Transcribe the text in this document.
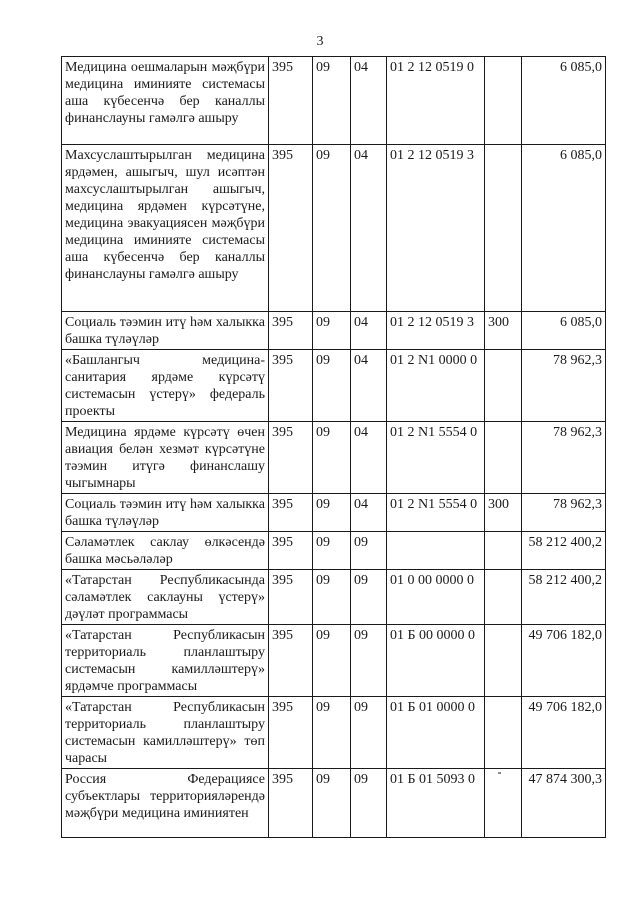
3
Медицина оешмаларын мәҗбүри медицина иминияте системасы аша күбесенчә бер каналлы финанслауны гамәлгә ашыру	395	09	04	01 2 12 0519 0		6 085,0
Махсуслаштырылган медицина ярдәмен, ашыгыч, шул исәптән махсуслаштырылган ашыгыч, медицина ярдәмен күрсәтүне, медицина эвакуациясен мәҗбүри медицина иминияте системасы аша күбесенчә бер каналлы финанслауны гамәлгә ашыру	395	09	04	01 2 12 0519 3		6 085,0
Социаль тәэмин итү һәм халыкка башка түләүләр	395	09	04	01 2 12 0519 3	300	6 085,0
«Башлангыч медицина-санитария ярдәме күрсәтү системасын үстерү» федераль проекты	395	09	04	01 2 N1 0000 0		78 962,3
Медицина ярдәме күрсәтү өчен авиация белән хезмәт күрсәтүне тәэмин итүгә финанслашу чыгымнары	395	09	04	01 2 N1 5554 0		78 962,3
Социаль тәэмин итү һәм халыкка башка түләүләр	395	09	04	01 2 N1 5554 0	300	78 962,3
Сәламәтлек саклау өлкәсендә башка мәсьәләләр	395	09	09			58 212 400,2
«Татарстан Республикасында сәламәтлек саклауны үстерү» дәүләт программасы	395	09	09	01 0 00 0000 0		58 212 400,2
«Татарстан Республикасын территориаль планлаштыру системасын камилләштерү» ярдәмче программасы	395	09	09	01 Б 00 0000 0		49 706 182,0
«Татарстан Республикасын территориаль планлаштыру системасын камилләштерү» төп чарасы	395	09	09	01 Б 01 0000 0		49 706 182,0
Россия Федерациясе субъектлары территорияләрендә мәҗбүри медицина иминиятен	395	09	09	01 Б 01 5093 0		47 874 300,3
